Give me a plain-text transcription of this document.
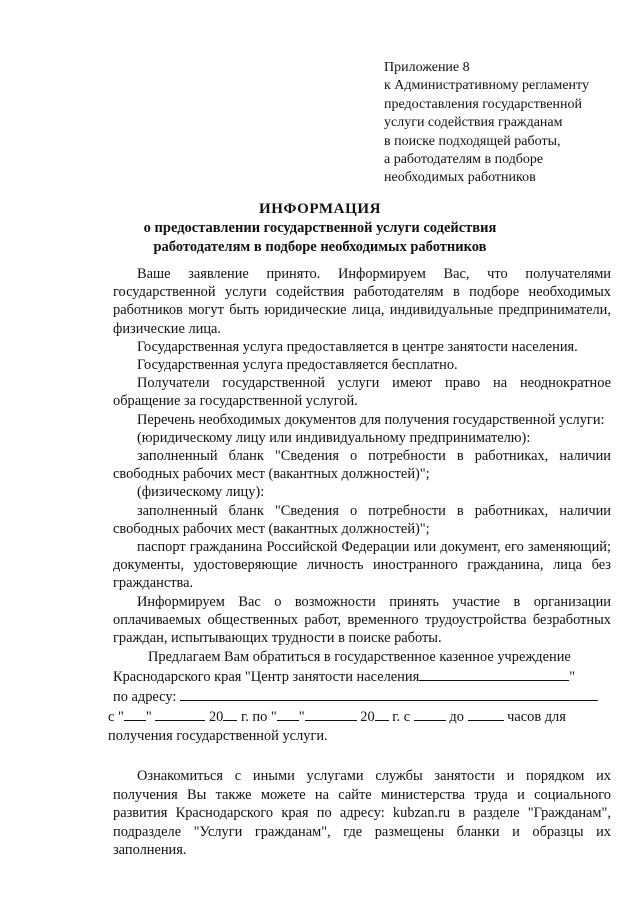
Приложение 8
к Административному регламенту
предоставления государственной
услуги содействия гражданам
в поиске подходящей работы,
а работодателям в подборе
необходимых работников
ИНФОРМАЦИЯ
о предоставлении государственной услуги содействия
работодателям в подборе необходимых работников

Ваше заявление принято. Информируем Вас, что получателями государственной услуги содействия работодателям в подборе необходимых работников могут быть юридические лица, индивидуальные предприниматели, физические лица.

Государственная услуга предоставляется в центре занятости населения.

Государственная услуга предоставляется бесплатно.

Получатели государственной услуги имеют право на неоднократное обращение за государственной услугой.

Перечень необходимых документов для получения государственной услуги:

(юридическому лицу или индивидуальному предпринимателю):

заполненный бланк "Сведения о потребности в работниках, наличии свободных рабочих мест (вакантных должностей)";

(физическому лицу):

заполненный бланк "Сведения о потребности в работниках, наличии свободных рабочих мест (вакантных должностей)";

паспорт гражданина Российской Федерации или документ, его заменяющий; документы, удостоверяющие личность иностранного гражданина, лица без гражданства.

Информируем Вас о возможности принять участие в организации оплачиваемых общественных работ, временного трудоустройства безработных граждан, испытывающих трудности в поиске работы.

Предлагаем Вам обратиться в государственное казенное учреждение
Краснодарского края "Центр занятости населения	"
по адресу:
с " "	20 г. по " "	20 г. с	до	часов для
получения государственной услуги.

Ознакомиться с иными услугами службы занятости и порядком их получения Вы также можете на сайте министерства труда и социального развития Краснодарского края по адресу: kubzan.ru в разделе "Гражданам", подразделе "Услуги гражданам", где размещены бланки и образцы их заполнения.
